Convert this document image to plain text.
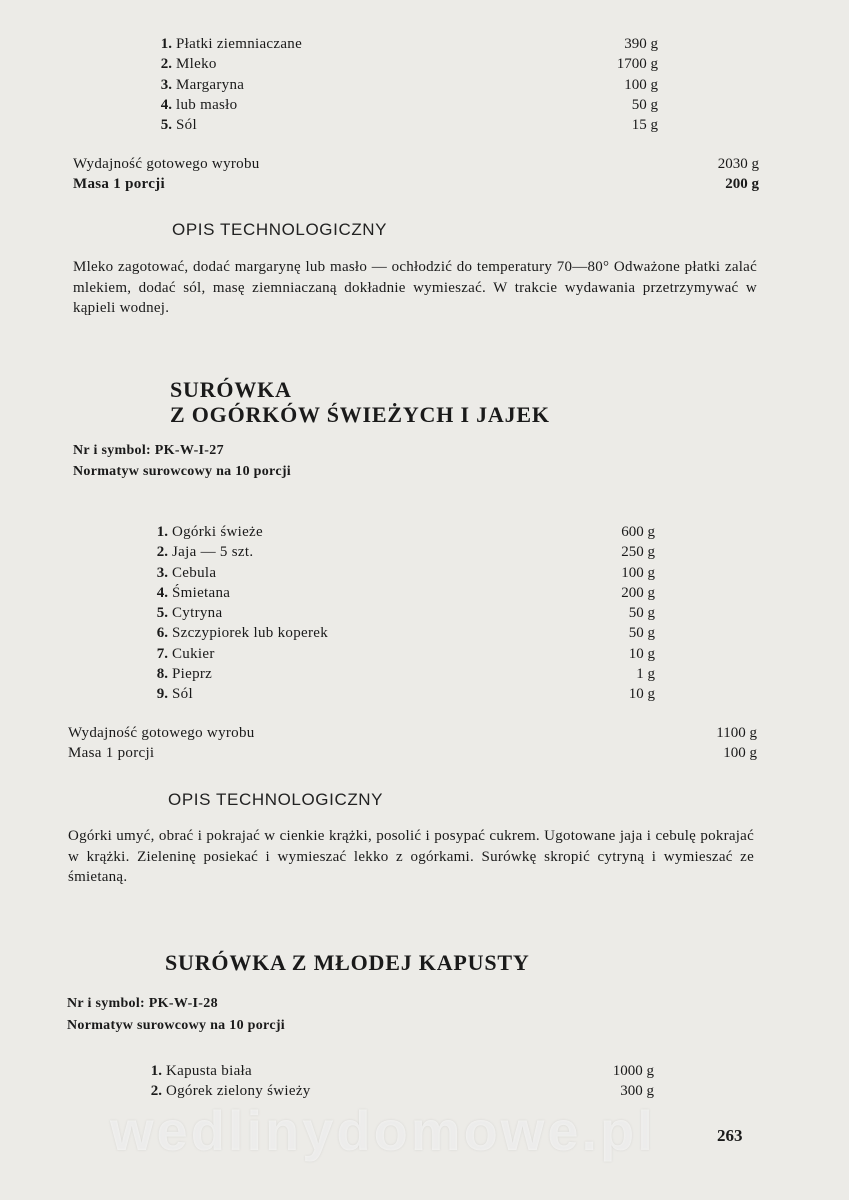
1. Płatki ziemniaczane	390 g
2. Mleko	1700 g
3. Margaryna	100 g
4. lub masło	50 g
5. Sól	15 g
Wydajność gotowego wyrobu	2030 g
Masa 1 porcji	200 g
OPIS TECHNOLOGICZNY
Mleko zagotować, dodać margarynę lub masło — ochłodzić do temperatury 70—80° Odważone płatki zalać mlekiem, dodać sól, masę ziemniaczaną dokładnie wymieszać. W trakcie wydawania przetrzymywać w kąpieli wodnej.
SURÓWKA
Z OGÓRKÓW ŚWIEŻYCH I JAJEK
Nr i symbol: PK-W-I-27
Normatyw surowcowy na 10 porcji
1. Ogórki świeże	600 g
2. Jaja — 5 szt.	250 g
3. Cebula	100 g
4. Śmietana	200 g
5. Cytryna	50 g
6. Szczypiorek lub koperek	50 g
7. Cukier	10 g
8. Pieprz	1 g
9. Sól	10 g
Wydajność gotowego wyrobu	1100 g
Masa 1 porcji	100 g
OPIS TECHNOLOGICZNY
Ogórki umyć, obrać i pokrajać w cienkie krążki, posolić i posypać cukrem. Ugotowane jaja i cebulę pokrajać w krążki. Zieleninę posiekać i wymieszać lekko z ogórkami. Surówkę skropić cytryną i wymieszać ze śmietaną.
SURÓWKA Z MŁODEJ KAPUSTY
Nr i symbol: PK-W-I-28
Normatyw surowcowy na 10 porcji
1. Kapusta biała	1000 g
2. Ogórek zielony świeży	300 g
wedlinydomowe.pl	263
